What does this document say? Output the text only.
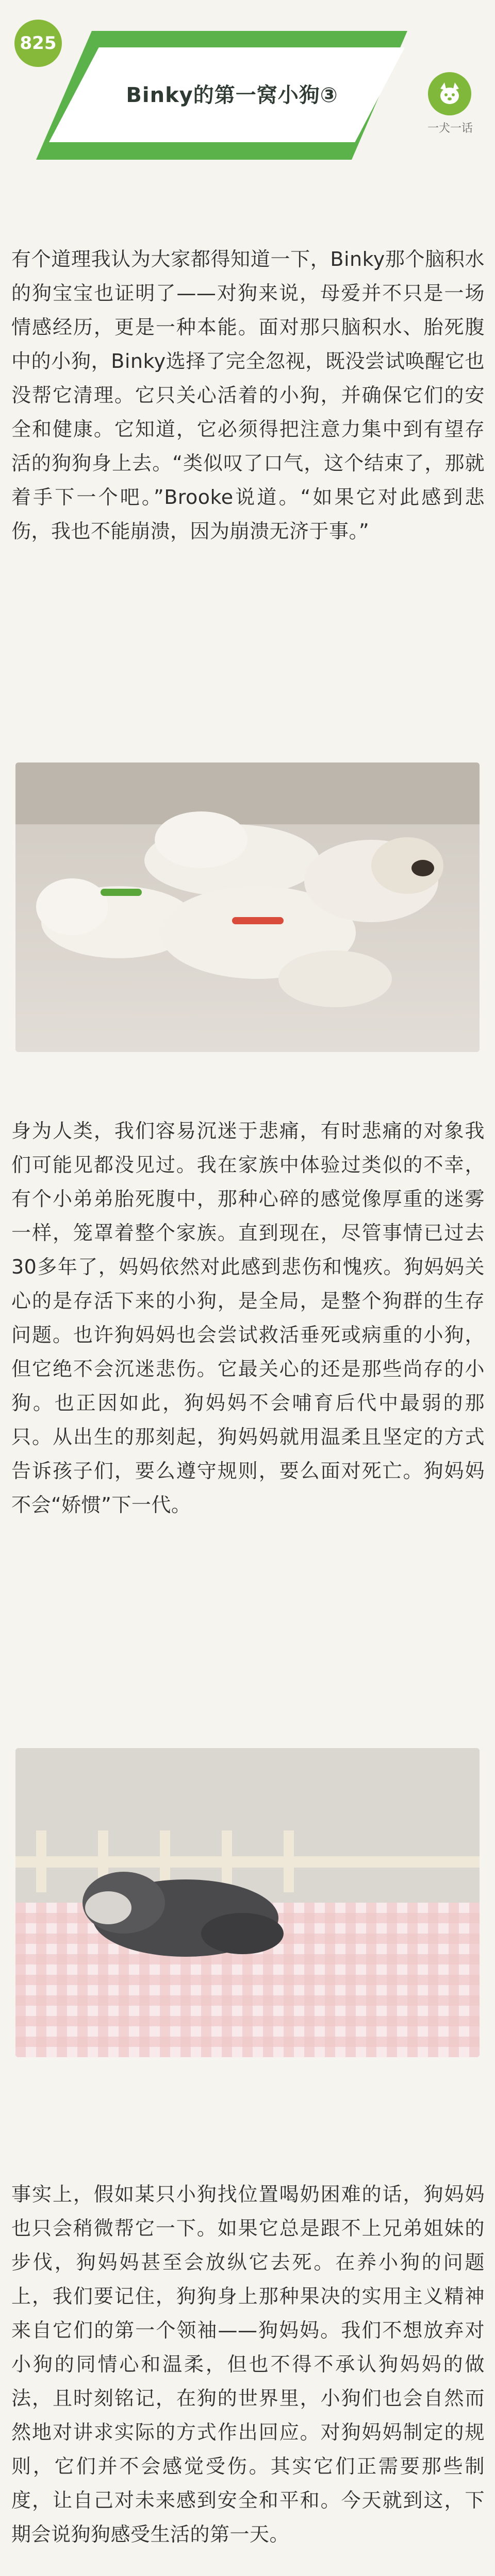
825
Binky的第一窝小狗③
一犬一话

有个道理我认为大家都得知道一下，Binky那个脑积水的狗宝宝也证明了——对狗来说，母爱并不只是一场情感经历，更是一种本能。面对那只脑积水、胎死腹中的小狗，Binky选择了完全忽视，既没尝试唤醒它也没帮它清理。它只关心活着的小狗，并确保它们的安全和健康。它知道，它必须得把注意力集中到有望存活的狗狗身上去。“类似叹了口气，这个结束了，那就着手下一个吧。”Brooke说道。“如果它对此感到悲伤，我也不能崩溃，因为崩溃无济于事。”

身为人类，我们容易沉迷于悲痛，有时悲痛的对象我们可能见都没见过。我在家族中体验过类似的不幸，有个小弟弟胎死腹中，那种心碎的感觉像厚重的迷雾一样，笼罩着整个家族。直到现在，尽管事情已过去30多年了，妈妈依然对此感到悲伤和愧疚。狗妈妈关心的是存活下来的小狗，是全局，是整个狗群的生存问题。也许狗妈妈也会尝试救活垂死或病重的小狗，但它绝不会沉迷悲伤。它最关心的还是那些尚存的小狗。也正因如此，狗妈妈不会哺育后代中最弱的那只。从出生的那刻起，狗妈妈就用温柔且坚定的方式告诉孩子们，要么遵守规则，要么面对死亡。狗妈妈不会“娇惯”下一代。

事实上，假如某只小狗找位置喝奶困难的话，狗妈妈也只会稍微帮它一下。如果它总是跟不上兄弟姐妹的步伐，狗妈妈甚至会放纵它去死。在养小狗的问题上，我们要记住，狗狗身上那种果决的实用主义精神来自它们的第一个领袖——狗妈妈。我们不想放弃对小狗的同情心和温柔，但也不得不承认狗妈妈的做法，且时刻铭记，在狗的世界里，小狗们也会自然而然地对讲求实际的方式作出回应。对狗妈妈制定的规则，它们并不会感觉受伤。其实它们正需要那些制度，让自己对未来感到安全和平和。今天就到这，下期会说狗狗感受生活的第一天。
